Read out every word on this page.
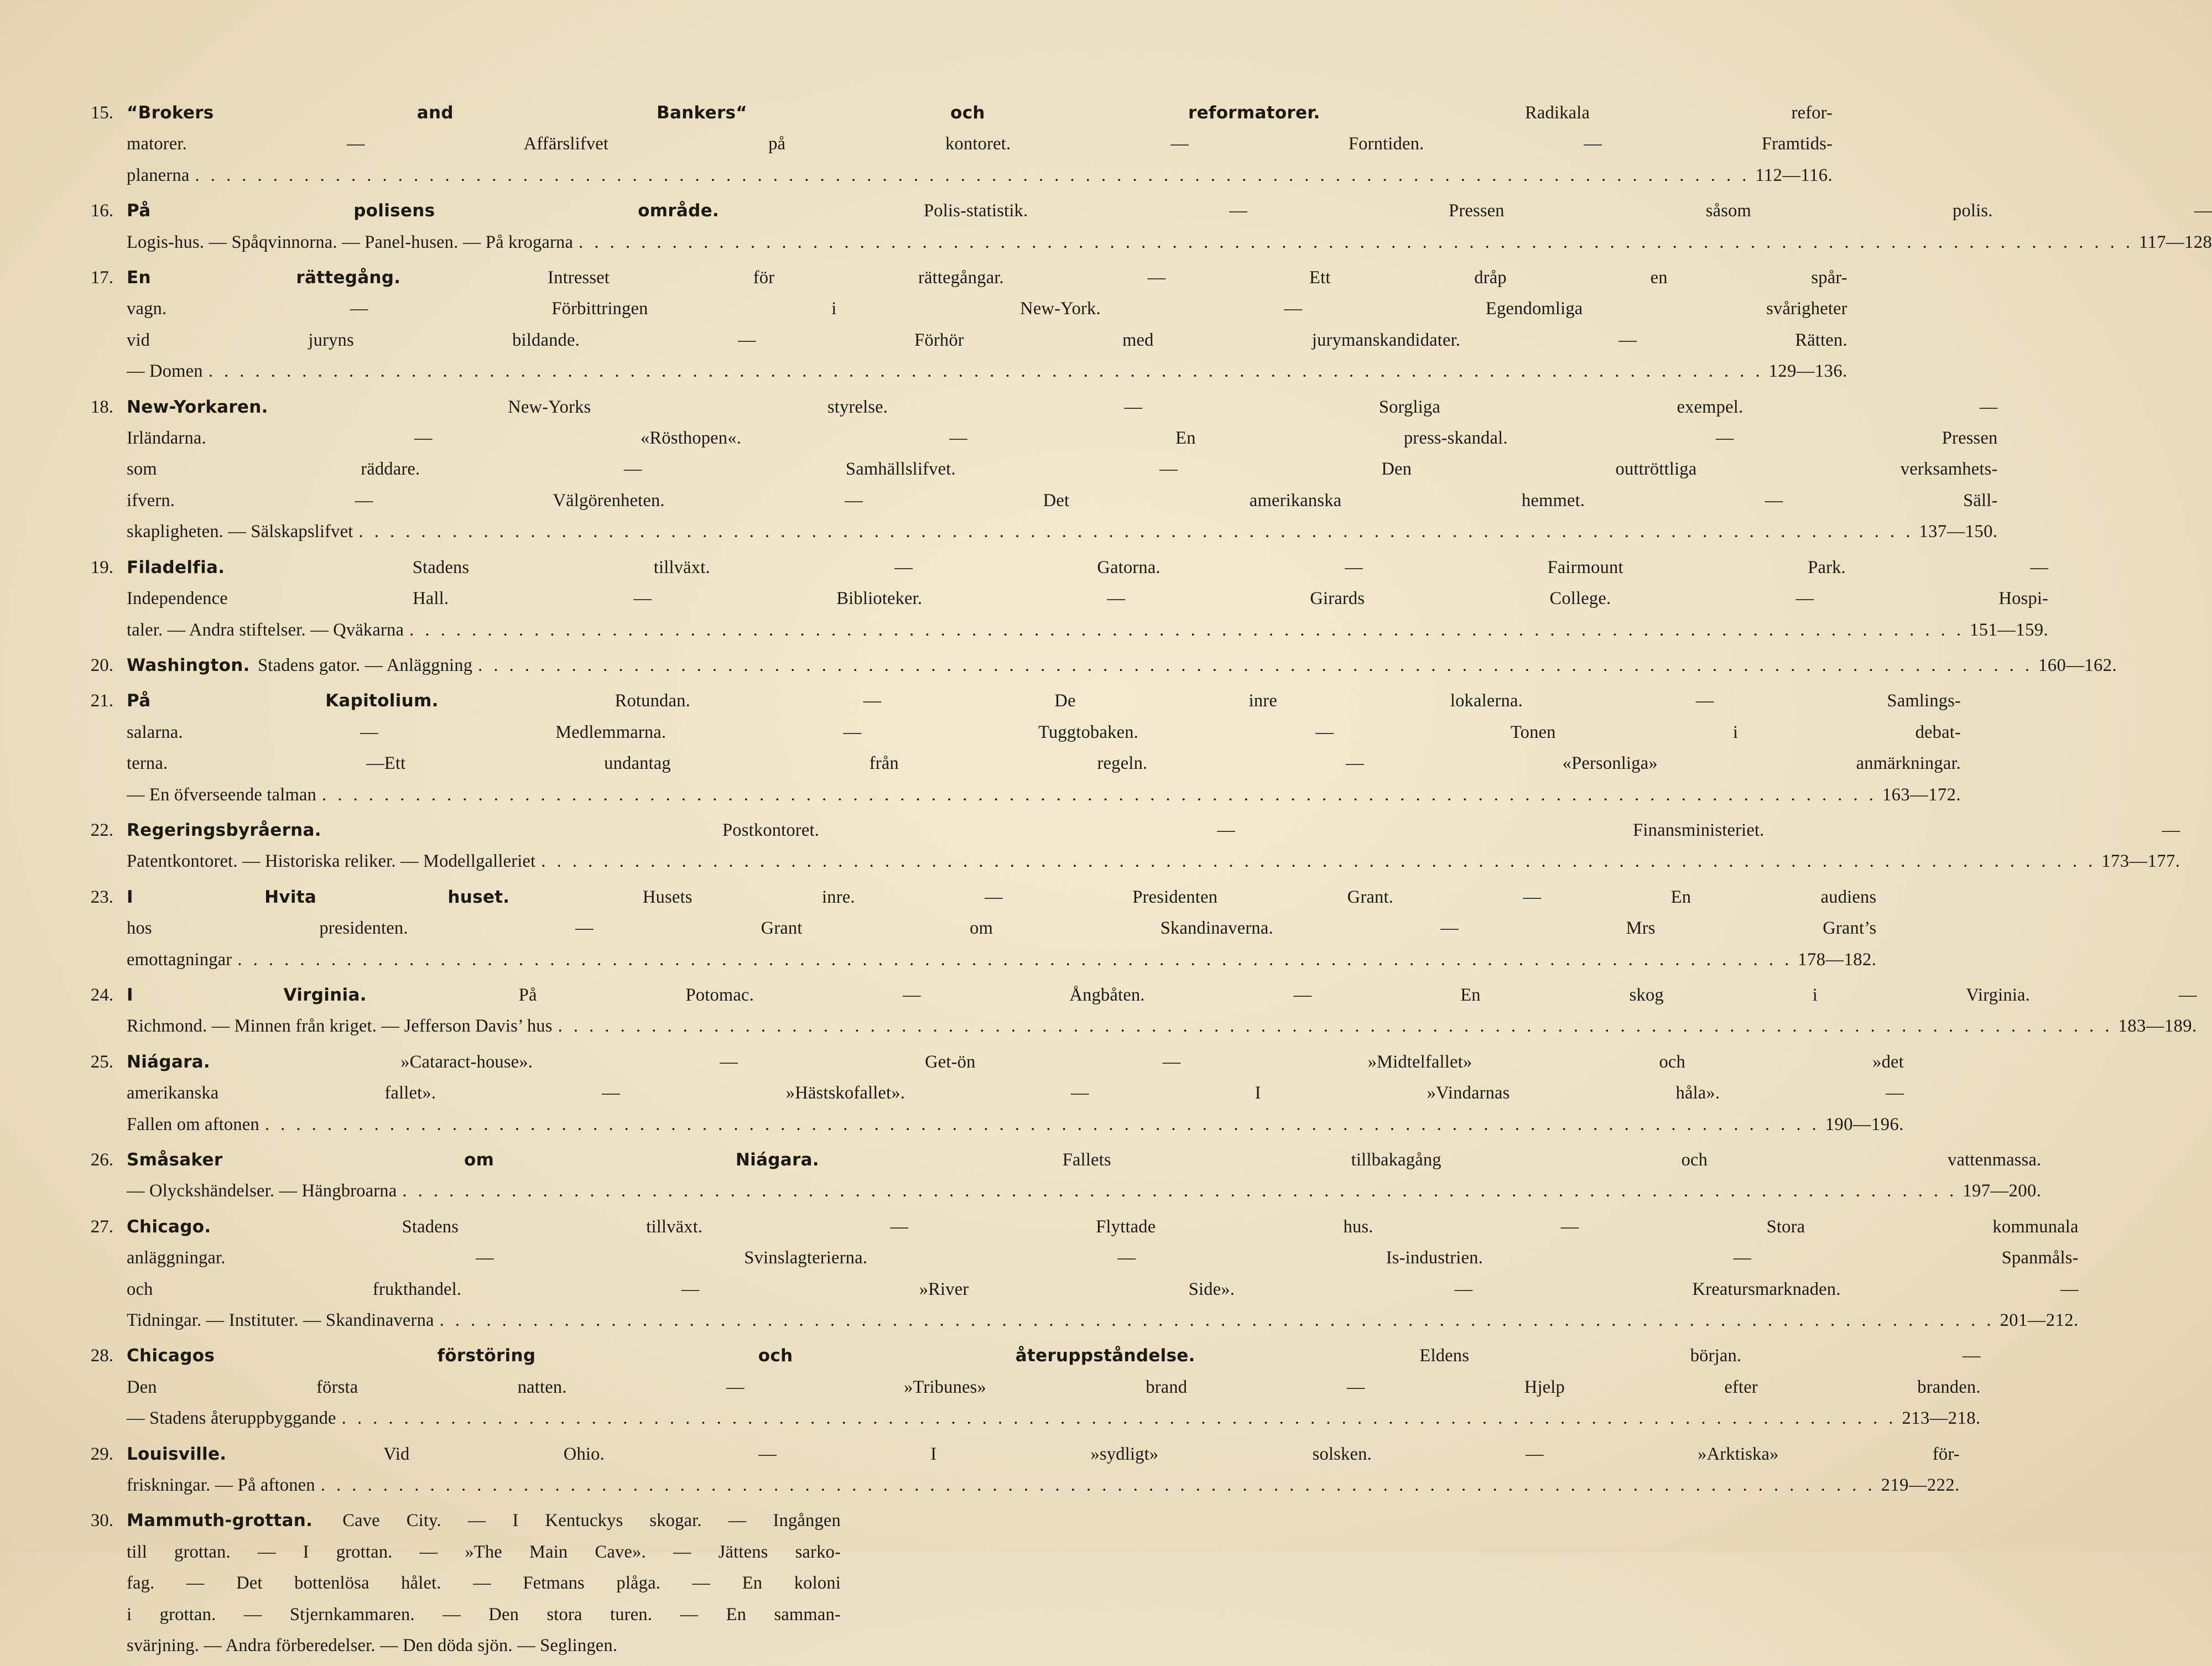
15. “Brokers and Bankers“ och reformatorer.	Radikala refor-
matorer. — Affärslifvet på kontoret. — Forntiden. — Framtids-
planerna . . .	112—116.
16. På polisens område.	Polis-statistik. — Pressen såsom polis. —
Logis-hus. — Spåqvinnorna. — Panel-husen. — På krogarna . . .	117—128
17. En rättegång.	Intresset för rättegångar. — Ett dråp en spår-
vagn. — Förbittringen i New-York. — Egendomliga svårigheter
vid juryns bildande. — Förhör med jurymanskandidater. — Rätten.
— Domen . . .	129—136.
18. New-Yorkaren.	New-Yorks styrelse. — Sorgliga exempel. —
Irländarna. — «Rösthopen«. — En press-skandal. — Pressen
som räddare. — Samhällslifvet. — Den outtröttliga verksamhets-
ifvern. — Välgörenheten. — Det amerikanska hemmet. — Säll-
skapligheten. — Sälskapslifvet . . .	137—150.
19. Filadelfia.	Stadens tillväxt. — Gatorna. — Fairmount Park. —
Independence Hall. — Biblioteker. — Girards College. — Hospi-
taler. — Andra stiftelser. — Qväkarna . . .	151—159.
20. Washington. Stadens gator. — Anläggning . . .	160—162.
21. På Kapitolium.	Rotundan. — De inre lokalerna. — Samlings-
salarna. — Medlemmarna. — Tuggtobaken. — Tonen i debat-
terna. —Ett undantag från regeln. — «Personliga» anmärkningar.
— En öfverseende talman . . .	163—172.
22. Regeringsbyråerna.	Postkontoret. — Finansministeriet. —
Patentkontoret. — Historiska reliker. — Modellgalleriet . . .	173—177.
23. I Hvita huset.	Husets inre. — Presidenten Grant. — En audiens
hos presidenten. — Grant om Skandinaverna. — Mrs Grant’s
emottagningar . . .	178—182.
24. I Virginia.	På Potomac. — Ångbåten. — En skog i Virginia. —
Richmond. — Minnen från kriget. — Jefferson Davis’ hus . . .	183—189.
25. Niágara.	»Cataract-house». — Get-ön — »Midtelfallet» och »det
amerikanska fallet». — »Hästskofallet». — I »Vindarnas håla». —
Fallen om aftonen . . .	190—196.
26. Småsaker om Niágara.	Fallets tillbakagång och vattenmassa.
— Olyckshändelser. — Hängbroarna . . .	197—200.
27. Chicago.	Stadens tillväxt. — Flyttade hus. — Stora kommunala
anläggningar. — Svinslagterierna. — Is-industrien. — Spanmåls-
och frukthandel. — »River Side». — Kreatursmarknaden. —
Tidningar. — Instituter. — Skandinaverna . . .	201—212.
28. Chicagos förstöring och återuppståndelse.	Eldens början. —
Den första natten. — »Tribunes» brand — Hjelp efter branden.
— Stadens återuppbyggande . . .	213—218.
29. Louisville.	Vid Ohio. — I »sydligt» solsken. — »Arktiska» för-
friskningar. — På aftonen . . .	219—222.
30. Mammuth-grottan. Cave City. — I Kentuckys skogar. — Ingången
till grottan. — I grottan. — »The Main Cave». — Jättens sarko-
fag. — Det bottenlösa hålet. — Fetmans plåga. — En koloni
i grottan. — Stjernkammaren. — Den stora turen. — En samman-
svärjning. — Andra förberedelser. — Den döda sjön. — Seglingen.
